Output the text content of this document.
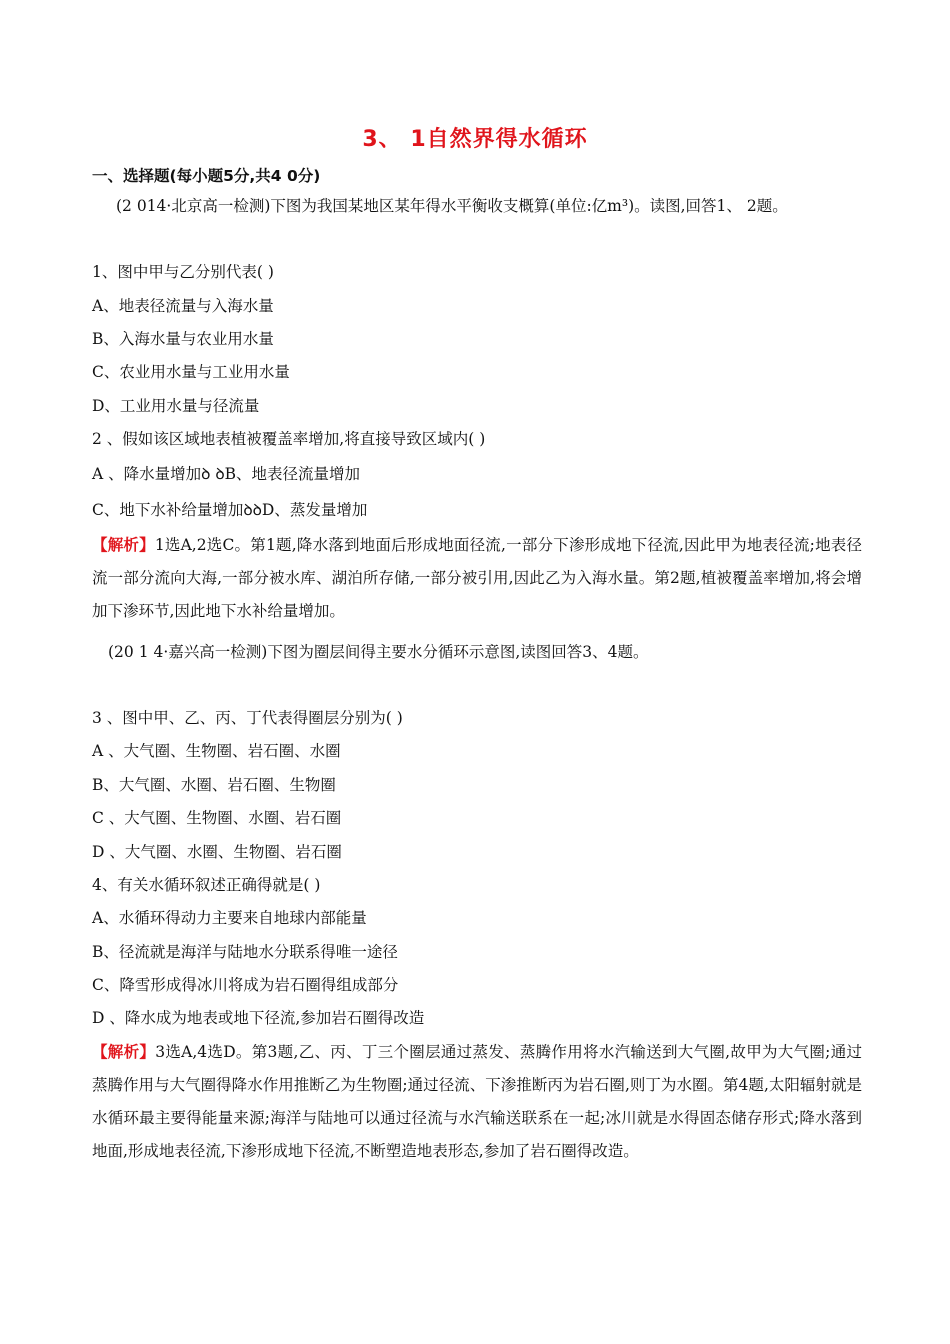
3、 1自然界得水循环
一、选择题(每小题5分,共4 0分)
(2 014·北京高一检测)下图为我国某地区某年得水平衡收支概算(单位:亿m³)。读图,回答1、 2题。
1、图中甲与乙分别代表( )
A、地表径流量与入海水量
B、入海水量与农业用水量
C、农业用水量与工业用水量
D、工业用水量与径流量
2 、假如该区域地表植被覆盖率增加,将直接导致区域内( )
A 、降水量增加ꝺ ꝺB、地表径流量增加
C、地下水补给量增加ꝺꝺD、蒸发量增加
【解析】1选A,2选C。第1题,降水落到地面后形成地面径流,一部分下渗形成地下径流,因此甲为地表径流;地表径流一部分流向大海,一部分被水库、湖泊所存储,一部分被引用,因此乙为入海水量。第2题,植被覆盖率增加,将会增加下渗环节,因此地下水补给量增加。
(20 1 4·嘉兴高一检测)下图为圈层间得主要水分循环示意图,读图回答3、4题。
3 、图中甲、乙、丙、丁代表得圈层分别为( )
A 、大气圈、生物圈、岩石圈、水圈
B、大气圈、水圈、岩石圈、生物圈
C 、大气圈、生物圈、水圈、岩石圈
D 、大气圈、水圈、生物圈、岩石圈
4、有关水循环叙述正确得就是( )
A、水循环得动力主要来自地球内部能量
B、径流就是海洋与陆地水分联系得唯一途径
C、降雪形成得冰川将成为岩石圈得组成部分
D 、降水成为地表或地下径流,参加岩石圈得改造
【解析】3选A,4选D。第3题,乙、丙、丁三个圈层通过蒸发、蒸腾作用将水汽输送到大气圈,故甲为大气圈;通过蒸腾作用与大气圈得降水作用推断乙为生物圈;通过径流、下渗推断丙为岩石圈,则丁为水圈。第4题,太阳辐射就是水循环最主要得能量来源;海洋与陆地可以通过径流与水汽输送联系在一起;冰川就是水得固态储存形式;降水落到地面,形成地表径流,下渗形成地下径流,不断塑造地表形态,参加了岩石圈得改造。
